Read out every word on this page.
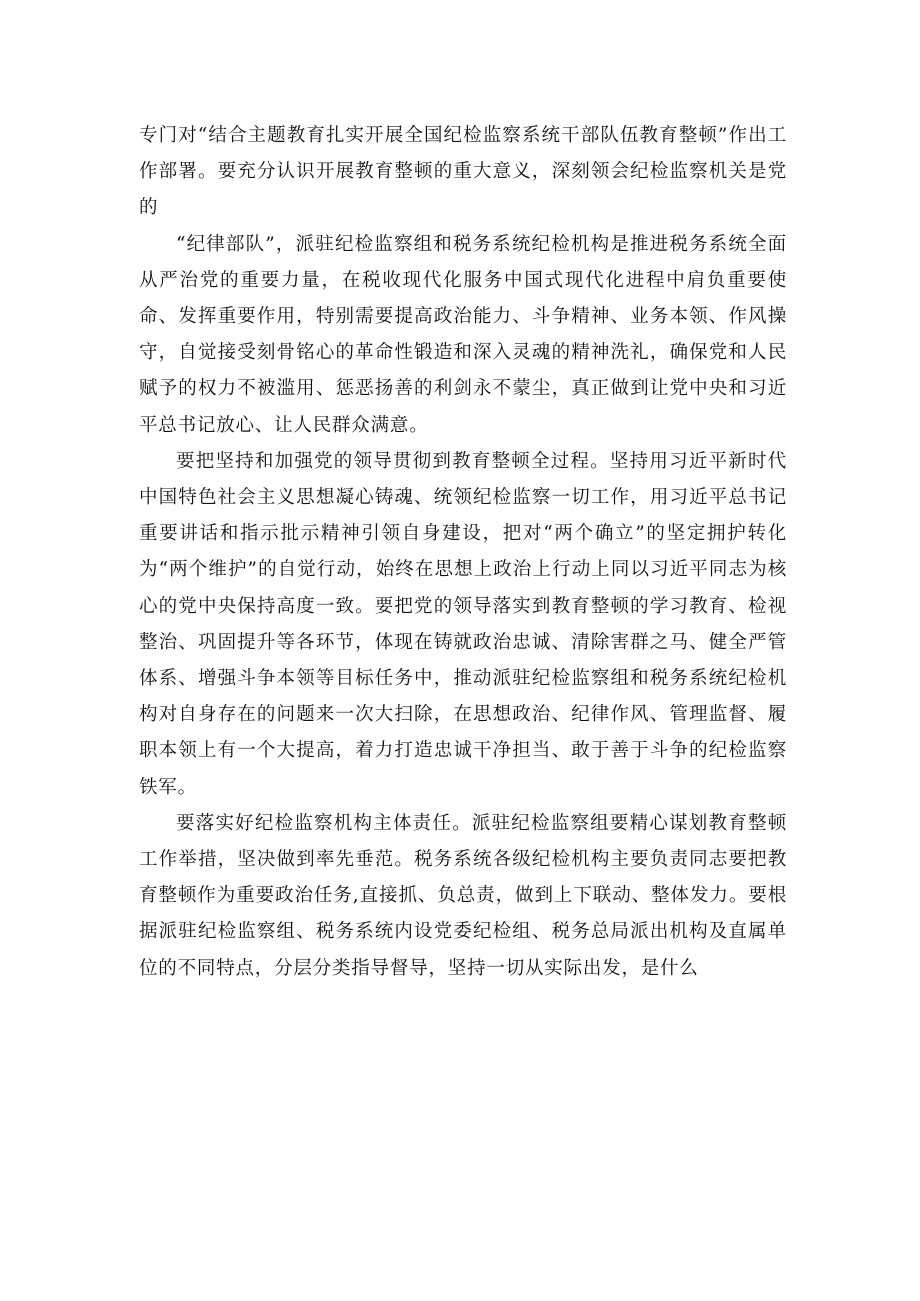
专门对“结合主题教育扎实开展全国纪检监察系统干部队伍教育整顿”作出工作部署。要充分认识开展教育整顿的重大意义，深刻领会纪检监察机关是党的

“纪律部队”，派驻纪检监察组和税务系统纪检机构是推进税务系统全面从严治党的重要力量，在税收现代化服务中国式现代化进程中肩负重要使命、发挥重要作用，特别需要提高政治能力、斗争精神、业务本领、作风操守，自觉接受刻骨铭心的革命性锻造和深入灵魂的精神洗礼，确保党和人民赋予的权力不被滥用、惩恶扬善的利剑永不蒙尘，真正做到让党中央和习近平总书记放心、让人民群众满意。

要把坚持和加强党的领导贯彻到教育整顿全过程。坚持用习近平新时代中国特色社会主义思想凝心铸魂、统领纪检监察一切工作，用习近平总书记重要讲话和指示批示精神引领自身建设，把对“两个确立”的坚定拥护转化为“两个维护”的自觉行动，始终在思想上政治上行动上同以习近平同志为核心的党中央保持高度一致。要把党的领导落实到教育整顿的学习教育、检视整治、巩固提升等各环节，体现在铸就政治忠诚、清除害群之马、健全严管体系、增强斗争本领等目标任务中，推动派驻纪检监察组和税务系统纪检机构对自身存在的问题来一次大扫除，在思想政治、纪律作风、管理监督、履职本领上有一个大提高，着力打造忠诚干净担当、敢于善于斗争的纪检监察铁军。

要落实好纪检监察机构主体责任。派驻纪检监察组要精心谋划教育整顿工作举措，坚决做到率先垂范。税务系统各级纪检机构主要负责同志要把教育整顿作为重要政治任务,直接抓、负总责，做到上下联动、整体发力。要根据派驻纪检监察组、税务系统内设党委纪检组、税务总局派出机构及直属单位的不同特点，分层分类指导督导，坚持一切从实际出发，是什么
